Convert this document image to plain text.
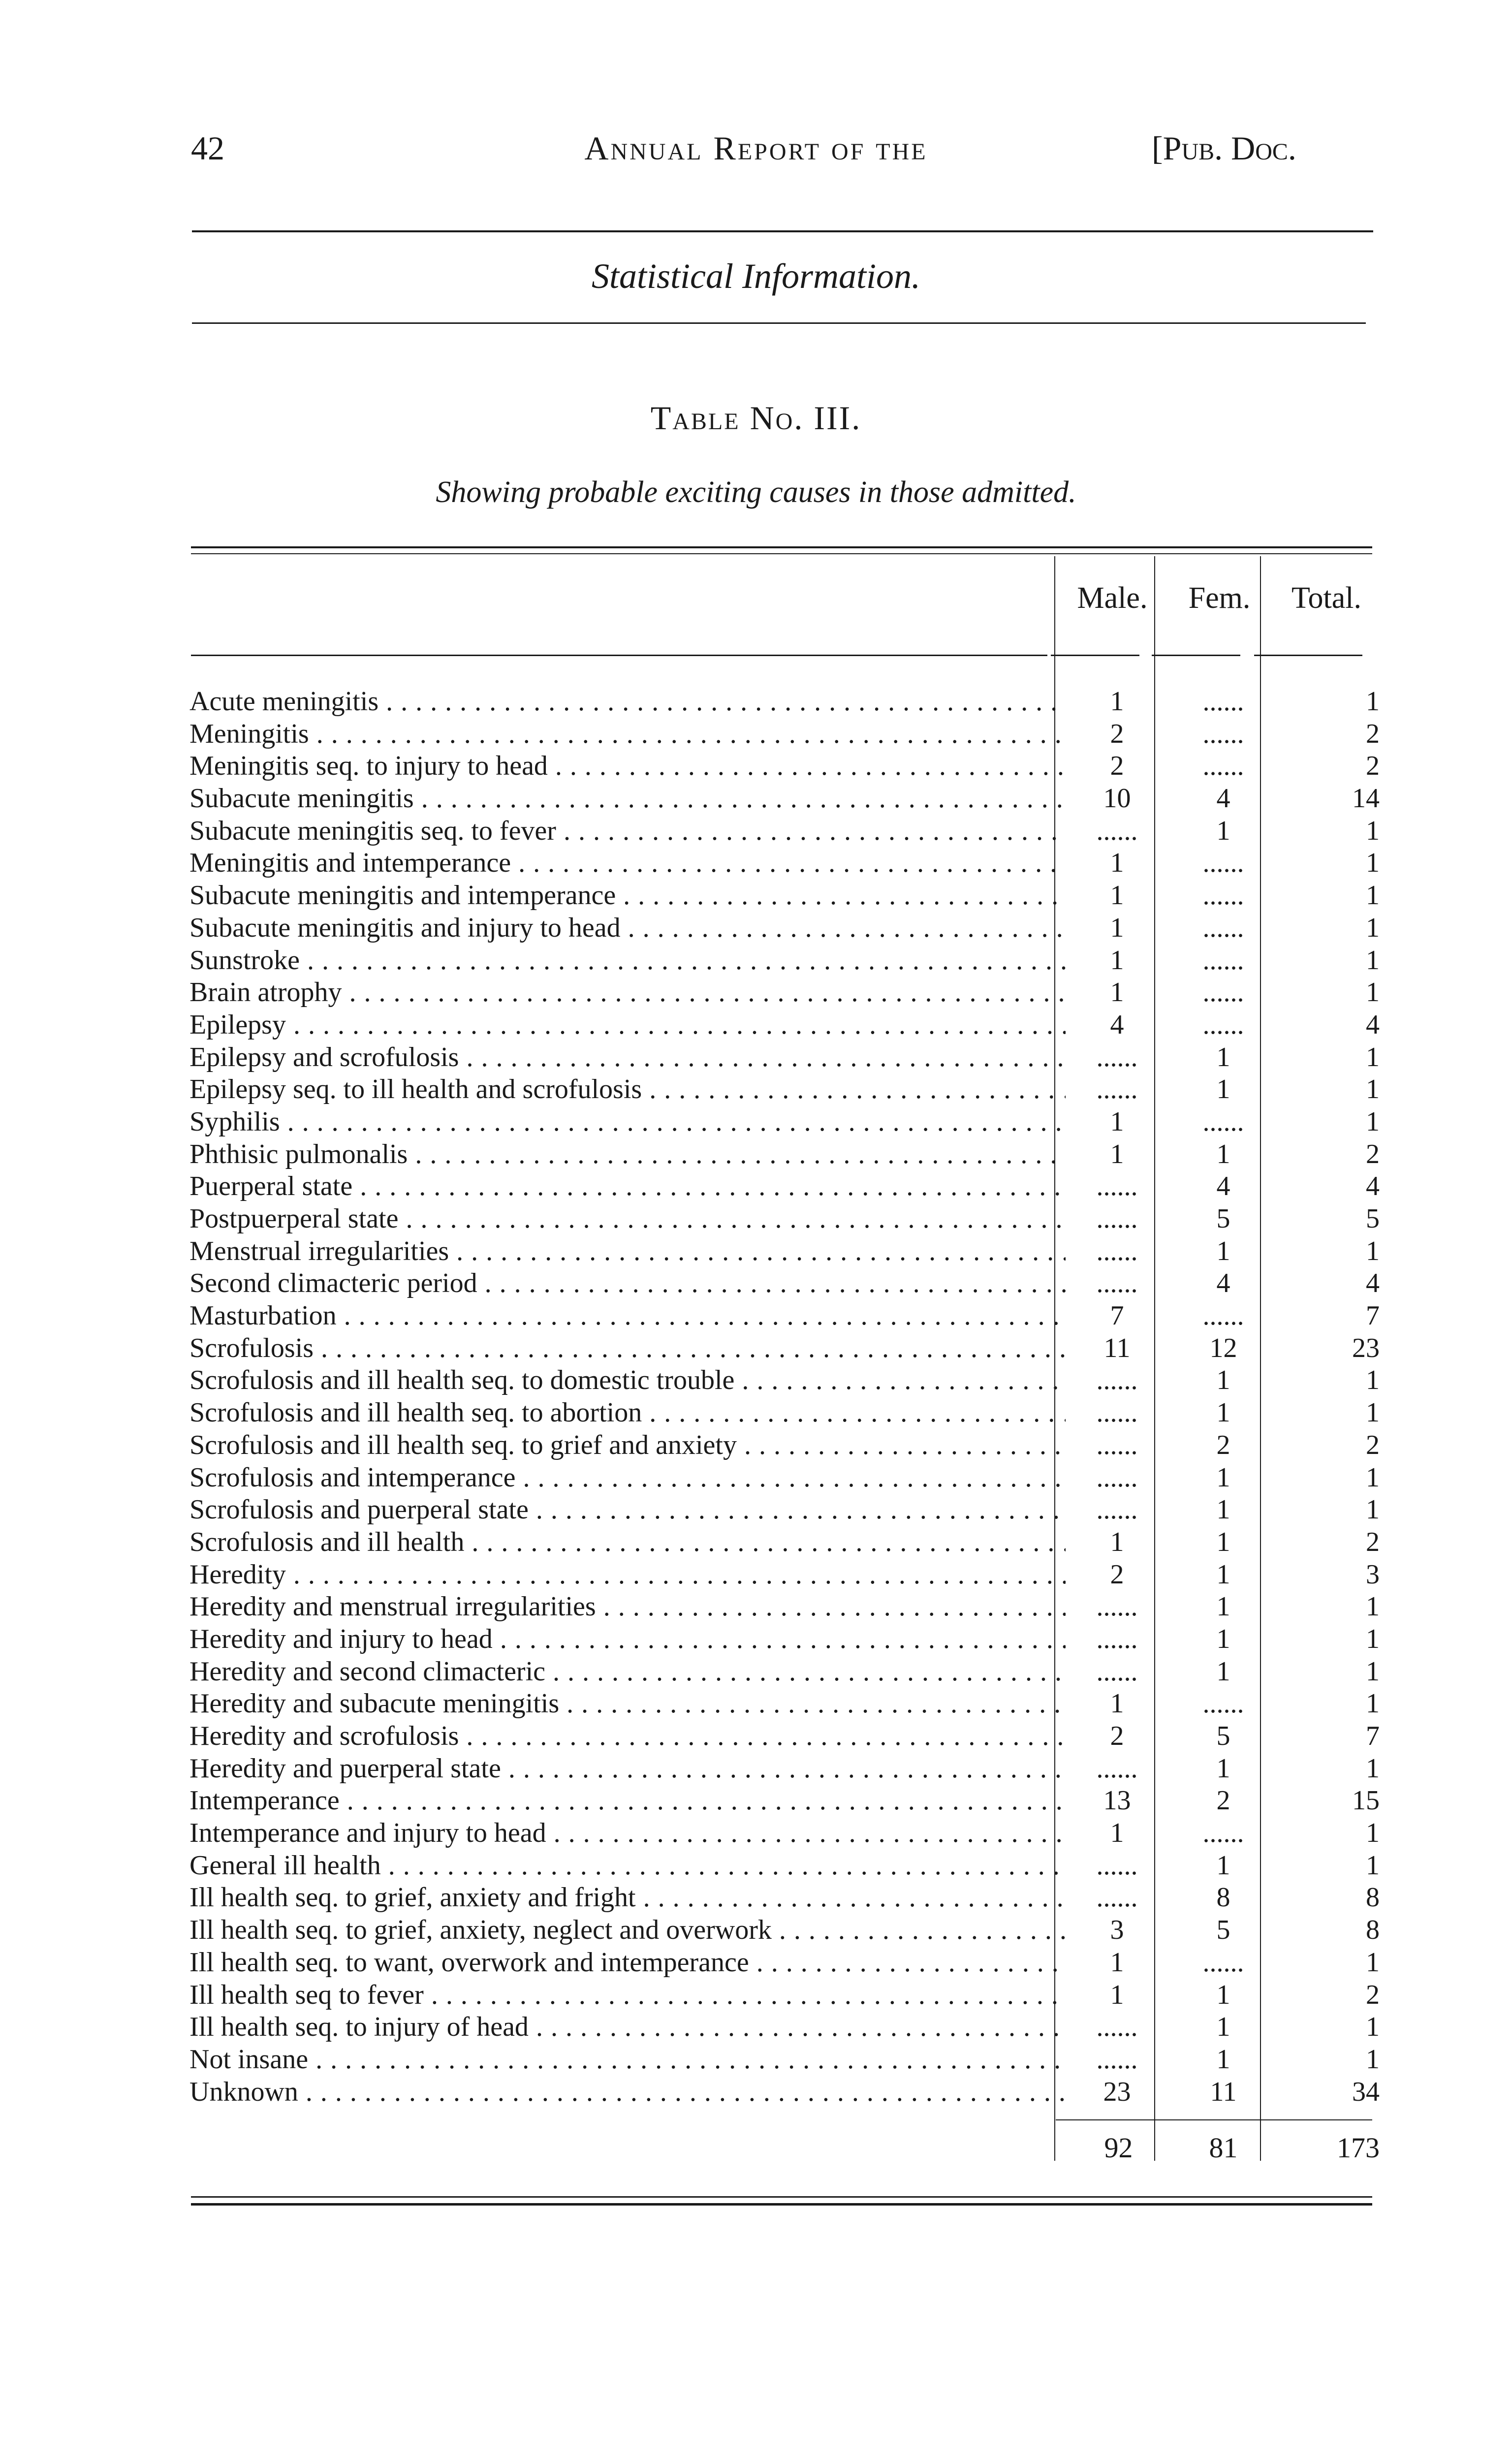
42	Annual Report of the	[Pub. Doc.
Statistical Information.
Table No. III.
Showing probable exciting causes in those admitted.
Male.	Fem.	Total.
Acute meningitis . . .	1	......	1
Meningitis . . .	2	......	2
Meningitis seq. to injury to head . . .	2	......	2
Subacute meningitis . . .	10	4	14
Subacute meningitis seq. to fever . . .	......	1	1
Meningitis and intemperance . . .	1	......	1
Subacute meningitis and intemperance . . .	1	......	1
Subacute meningitis and injury to head . . .	1	......	1
Sunstroke . . .	1	......	1
Brain atrophy . . .	1	......	1
Epilepsy . . .	4	......	4
Epilepsy and scrofulosis . . .	......	1	1
Epilepsy seq. to ill health and scrofulosis . . .	......	1	1
Syphilis . . .	1	......	1
Phthisic pulmonalis . . .	1	1	2
Puerperal state . . .	......	4	4
Postpuerperal state . . .	......	5	5
Menstrual irregularities . . .	......	1	1
Second climacteric period . . .	......	4	4
Masturbation . . .	7	......	7
Scrofulosis . . .	11	12	23
Scrofulosis and ill health seq. to domestic trouble . . .	......	1	1
Scrofulosis and ill health seq. to abortion . . .	......	1	1
Scrofulosis and ill health seq. to grief and anxiety . . .	......	2	2
Scrofulosis and intemperance . . .	......	1	1
Scrofulosis and puerperal state . . .	......	1	1
Scrofulosis and ill health . . .	1	1	2
Heredity . . .	2	1	3
Heredity and menstrual irregularities . . .	......	1	1
Heredity and injury to head . . .	......	1	1
Heredity and second climacteric . . .	......	1	1
Heredity and subacute meningitis . . .	1	......	1
Heredity and scrofulosis . . .	2	5	7
Heredity and puerperal state . . .	......	1	1
Intemperance . . .	13	2	15
Intemperance and injury to head . . .	1	......	1
General ill health . . .	......	1	1
Ill health seq. to grief, anxiety and fright . . .	......	8	8
Ill health seq. to grief, anxiety, neglect and overwork . . .	3	5	8
Ill health seq. to want, overwork and intemperance . . .	1	......	1
Ill health seq to fever . . .	1	1	2
Ill health seq. to injury of head . . .	......	1	1
Not insane . . .	......	1	1
Unknown . . .	23	11	34
92	81	173
